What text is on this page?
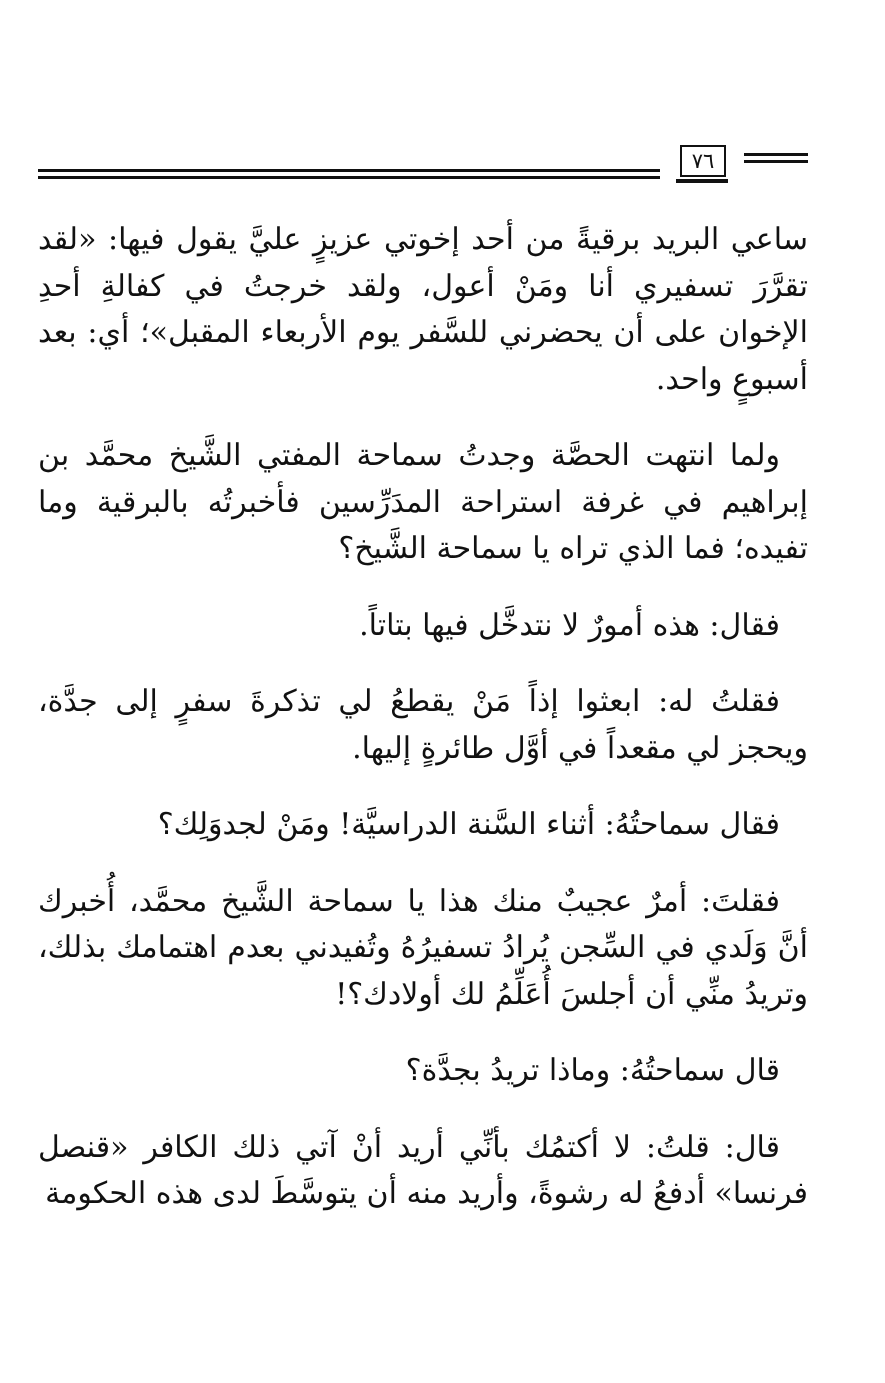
٧٦

ساعي البريد برقيةً من أحد إخوتي عزيزٍ عليَّ يقول فيها: «لقد تقرَّرَ تسفيري أنا ومَنْ أعول، ولقد خرجتُ في كفالةِ أحدِ الإخوان على أن يحضرني للسَّفر يوم الأربعاء المقبل»؛ أي: بعد أسبوعٍ واحد.

ولما انتهت الحصَّة وجدتُ سماحة المفتي الشَّيخ محمَّد بن إبراهيم في غرفة استراحة المدَرِّسين فأخبرتُه بالبرقية وما تفيده؛ فما الذي تراه يا سماحة الشَّيخ؟

فقال: هذه أمورٌ لا نتدخَّل فيها بتاتاً.

فقلتُ له: ابعثوا إذاً مَنْ يقطعُ لي تذكرةَ سفرٍ إلى جدَّة، ويحجز لي مقعداً في أوَّل طائرةٍ إليها.

فقال سماحتُهُ: أثناء السَّنة الدراسيَّة! ومَنْ لجدوَلِك؟

فقلتَ: أمرٌ عجيبٌ منك هذا يا سماحة الشَّيخ محمَّد، أُخبرك أنَّ وَلَدي في السِّجن يُرادُ تسفيرُهُ وتُفيدني بعدم اهتمامك بذلك، وتريدُ منِّي أن أجلسَ أُعَلِّمُ لك أولادك؟!

قال سماحتُهُ: وماذا تريدُ بجدَّة؟

قال: قلتُ: لا أكتمُك بأنِّي أريد أنْ آتي ذلك الكافر «قنصل فرنسا» أدفعُ له رشوةً، وأريد منه أن يتوسَّطَ لدى هذه الحكومة
